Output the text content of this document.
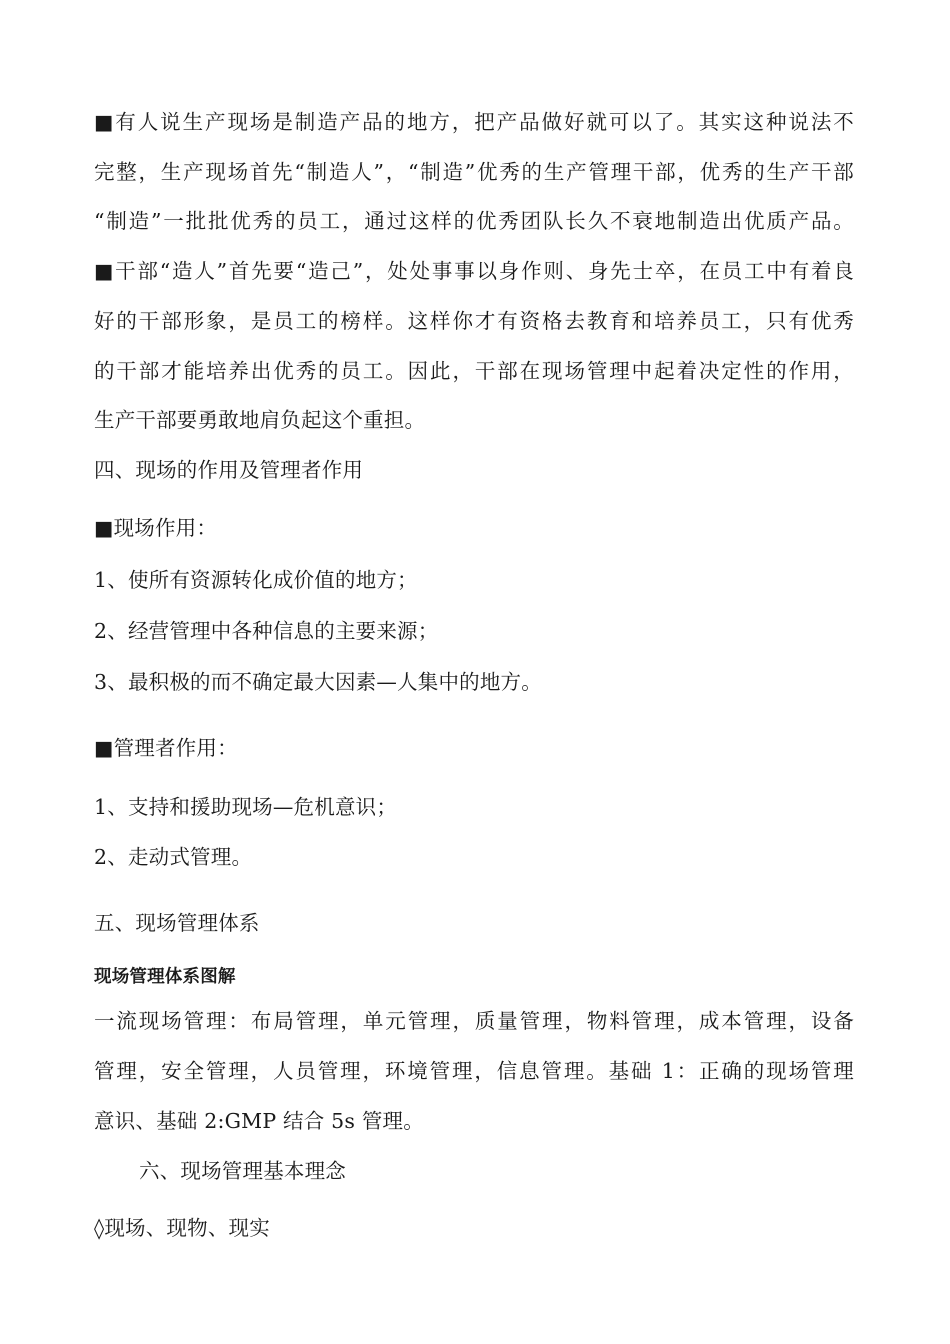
■有人说生产现场是制造产品的地方，把产品做好就可以了。其实这种说法不
完整，生产现场首先“制造人”，“制造”优秀的生产管理干部，优秀的生产干部
“制造”一批批优秀的员工，通过这样的优秀团队长久不衰地制造出优质产品。
■干部“造人”首先要“造己”，处处事事以身作则、身先士卒，在员工中有着良
好的干部形象，是员工的榜样。这样你才有资格去教育和培养员工，只有优秀
的干部才能培养出优秀的员工。因此，干部在现场管理中起着决定性的作用，
生产干部要勇敢地肩负起这个重担。
四、现场的作用及管理者作用
■现场作用：
1、使所有资源转化成价值的地方；
2、经营管理中各种信息的主要来源；
3、最积极的而不确定最大因素—人集中的地方。
■管理者作用：
1、支持和援助现场—危机意识；
2、走动式管理。
五、现场管理体系
现场管理体系图解
一流现场管理：布局管理，单元管理，质量管理，物料管理，成本管理，设备
管理，安全管理，人员管理，环境管理，信息管理。基础 1：正确的现场管理
意识、基础 2:GMP 结合 5s 管理。
六、现场管理基本理念
◊现场、现物、现实
